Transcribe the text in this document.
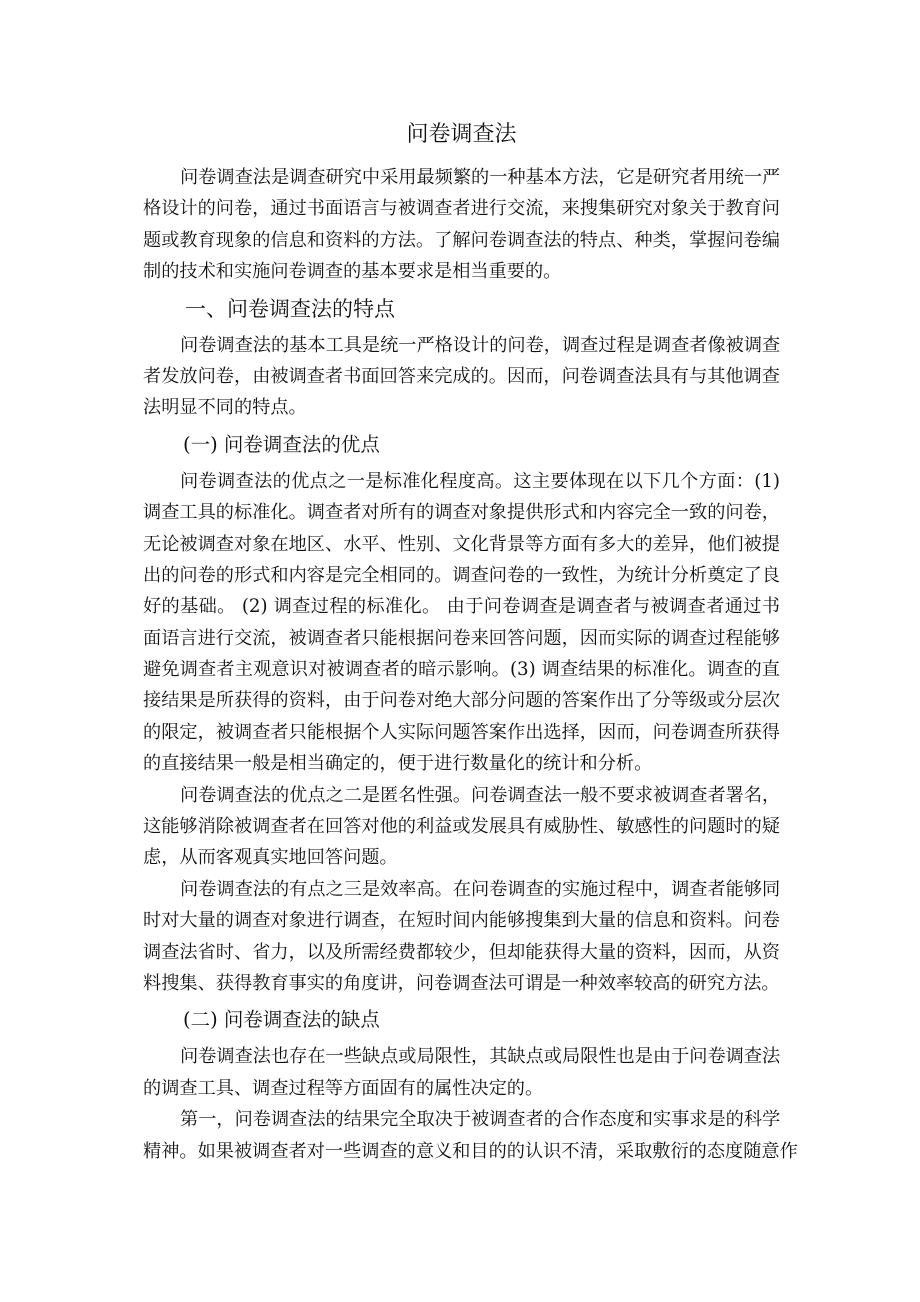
问卷调查法
问卷调查法是调查研究中采用最频繁的一种基本方法，它是研究者用统一严
格设计的问卷，通过书面语言与被调查者进行交流，来搜集研究对象关于教育问
题或教育现象的信息和资料的方法。了解问卷调查法的特点、种类，掌握问卷编
制的技术和实施问卷调查的基本要求是相当重要的。
一、问卷调查法的特点
问卷调查法的基本工具是统一严格设计的问卷，调查过程是调查者像被调查
者发放问卷，由被调查者书面回答来完成的。因而，问卷调查法具有与其他调查
法明显不同的特点。
(一) 问卷调查法的优点
问卷调查法的优点之一是标准化程度高。这主要体现在以下几个方面：(1)
调查工具的标准化。调查者对所有的调查对象提供形式和内容完全一致的问卷，
无论被调查对象在地区、水平、性别、文化背景等方面有多大的差异，他们被提
出的问卷的形式和内容是完全相同的。调查问卷的一致性，为统计分析奠定了良
好的基础。 (2) 调查过程的标准化。 由于问卷调查是调查者与被调查者通过书
面语言进行交流，被调查者只能根据问卷来回答问题，因而实际的调查过程能够
避免调查者主观意识对被调查者的暗示影响。(3) 调查结果的标准化。调查的直
接结果是所获得的资料，由于问卷对绝大部分问题的答案作出了分等级或分层次
的限定，被调查者只能根据个人实际问题答案作出选择，因而，问卷调查所获得
的直接结果一般是相当确定的，便于进行数量化的统计和分析。
问卷调查法的优点之二是匿名性强。问卷调查法一般不要求被调查者署名，
这能够消除被调查者在回答对他的利益或发展具有威胁性、敏感性的问题时的疑
虑，从而客观真实地回答问题。
问卷调查法的有点之三是效率高。在问卷调查的实施过程中，调查者能够同
时对大量的调查对象进行调查，在短时间内能够搜集到大量的信息和资料。问卷
调查法省时、省力，以及所需经费都较少，但却能获得大量的资料，因而，从资
料搜集、获得教育事实的角度讲，问卷调查法可谓是一种效率较高的研究方法。
(二) 问卷调查法的缺点
问卷调查法也存在一些缺点或局限性，其缺点或局限性也是由于问卷调查法
的调查工具、调查过程等方面固有的属性决定的。
第一，问卷调查法的结果完全取决于被调查者的合作态度和实事求是的科学
精神。如果被调查者对一些调查的意义和目的的认识不清，采取敷衍的态度随意作
